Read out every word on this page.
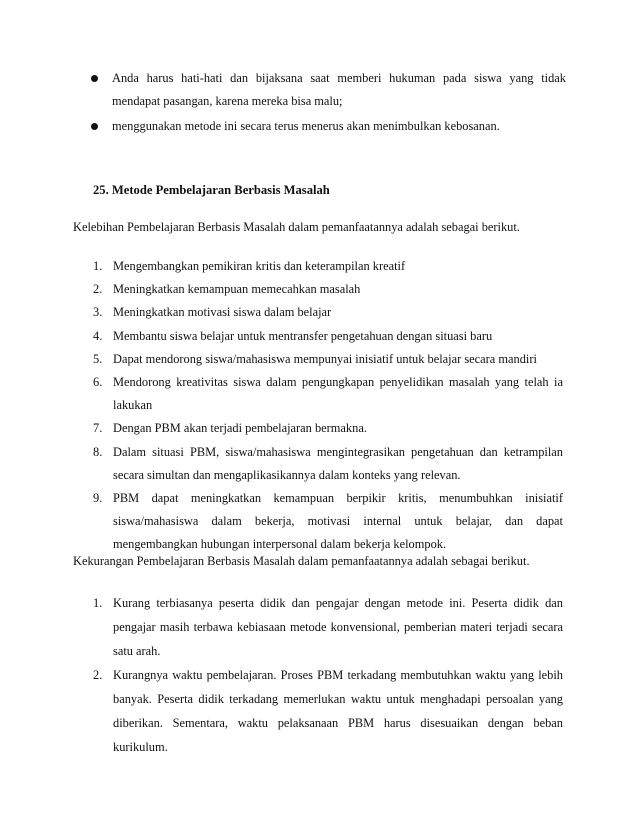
Anda harus hati-hati dan bijaksana saat memberi hukuman pada siswa yang tidak mendapat pasangan, karena mereka bisa malu;
menggunakan metode ini secara terus menerus akan menimbulkan kebosanan.
25. Metode Pembelajaran Berbasis Masalah

Kelebihan Pembelajaran Berbasis Masalah dalam pemanfaatannya adalah sebagai berikut.

1. Mengembangkan pemikiran kritis dan keterampilan kreatif
2. Meningkatkan kemampuan memecahkan masalah
3. Meningkatkan motivasi siswa dalam belajar
4. Membantu siswa belajar untuk mentransfer pengetahuan dengan situasi baru
5. Dapat mendorong siswa/mahasiswa mempunyai inisiatif untuk belajar secara mandiri
6. Mendorong kreativitas siswa dalam pengungkapan penyelidikan masalah yang telah ia lakukan
7. Dengan PBM akan terjadi pembelajaran bermakna.
8. Dalam situasi PBM, siswa/mahasiswa mengintegrasikan pengetahuan dan ketrampilan secara simultan dan mengaplikasikannya dalam konteks yang relevan.
9. PBM dapat meningkatkan kemampuan berpikir kritis, menumbuhkan inisiatif siswa/mahasiswa dalam bekerja, motivasi internal untuk belajar, dan dapat mengembangkan hubungan interpersonal dalam bekerja kelompok.

Kekurangan Pembelajaran Berbasis Masalah dalam pemanfaatannya adalah sebagai berikut.

1. Kurang terbiasanya peserta didik dan pengajar dengan metode ini. Peserta didik dan pengajar masih terbawa kebiasaan metode konvensional, pemberian materi terjadi secara satu arah.
2. Kurangnya waktu pembelajaran. Proses PBM terkadang membutuhkan waktu yang lebih banyak. Peserta didik terkadang memerlukan waktu untuk menghadapi persoalan yang diberikan. Sementara, waktu pelaksanaan PBM harus disesuaikan dengan beban kurikulum.
